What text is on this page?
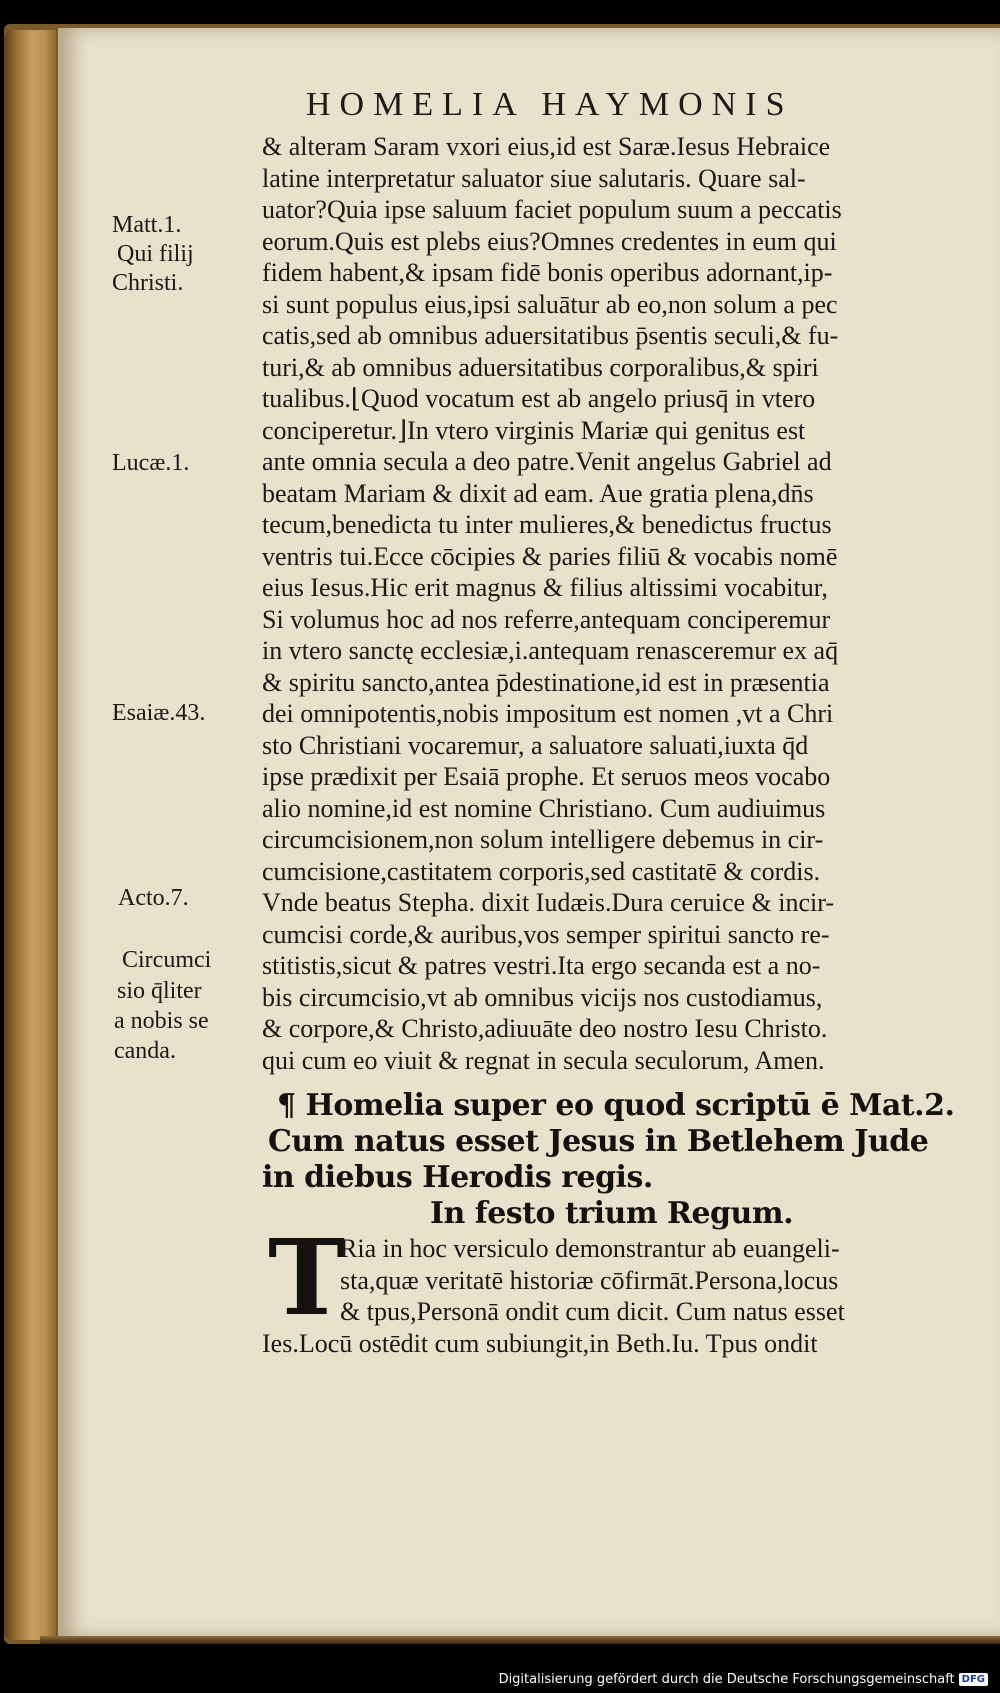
HOMELIA HAYMONIS
& alteram Saram vxori eius,id est Saræ.Iesus Hebraice
latine interpretatur saluator siue salutaris. Quare sal-
uator?Quia ipse saluum faciet populum suum a peccatis
eorum.Quis est plebs eius?Omnes credentes in eum qui
fidem habent,& ipsam fidē bonis operibus adornant,ip-
si sunt populus eius,ipsi saluātur ab eo,non solum a pec
catis,sed ab omnibus aduersitatibus p̄sentis seculi,& fu-
turi,& ab omnibus aduersitatibus corporalibus,& spiri
tualibus.⌊Quod vocatum est ab angelo priusq̄ in vtero
conciperetur.⌋In vtero virginis Mariæ qui genitus est
ante omnia secula a deo patre.Venit angelus Gabriel ad
beatam Mariam & dixit ad eam. Aue gratia plena,dn̄s
tecum,benedicta tu inter mulieres,& benedictus fructus
ventris tui.Ecce cōcipies & paries filiū & vocabis nomē
eius Iesus.Hic erit magnus & filius altissimi vocabitur,
Si volumus hoc ad nos referre,antequam conciperemur
in vtero sanctę ecclesiæ,i.antequam renasceremur ex aq̄
& spiritu sancto,antea p̄destinatione,id est in præsentia
dei omnipotentis,nobis impositum est nomen ,vt a Chri
sto Christiani vocaremur, a saluatore saluati,iuxta q̄d
ipse prædixit per Esaiā prophe. Et seruos meos vocabo
alio nomine,id est nomine Christiano. Cum audiuimus
circumcisionem,non solum intelligere debemus in cir-
cumcisione,castitatem corporis,sed castitatē & cordis.
Vnde beatus Stepha. dixit Iudæis.Dura ceruice & incir-
cumcisi corde,& auribus,vos semper spiritui sancto re-
stitistis,sicut & patres vestri.Ita ergo secanda est a no-
bis circumcisio,vt ab omnibus vicijs nos custodiamus,
& corpore,& Christo,adiuuāte deo nostro Iesu Christo.
qui cum eo viuit & regnat in secula seculorum, Amen.
Matt.1.
Qui filij
Christi.
Lucæ.1.
Esaiæ.43.
Acto.7.
Circumci
sio q̄liter
a nobis se
canda.
¶ Homelia super eo quod scriptū ē Mat.2.
Cum natus esset Jesus in Betlehem Jude
in diebus Herodis regis.
In festo trium Regum.
T
Ria in hoc versiculo demonstrantur ab euangeli-
sta,quæ veritatē historiæ cōfirmāt.Persona,locus
& tpus,Personā ondit cum dicit. Cum natus esset
Ies.Locū ostēdit cum subiungit,in Beth.Iu. Tpus ondit
Digitalisierung gefördert durch die Deutsche Forschungsgemeinschaft DFG
